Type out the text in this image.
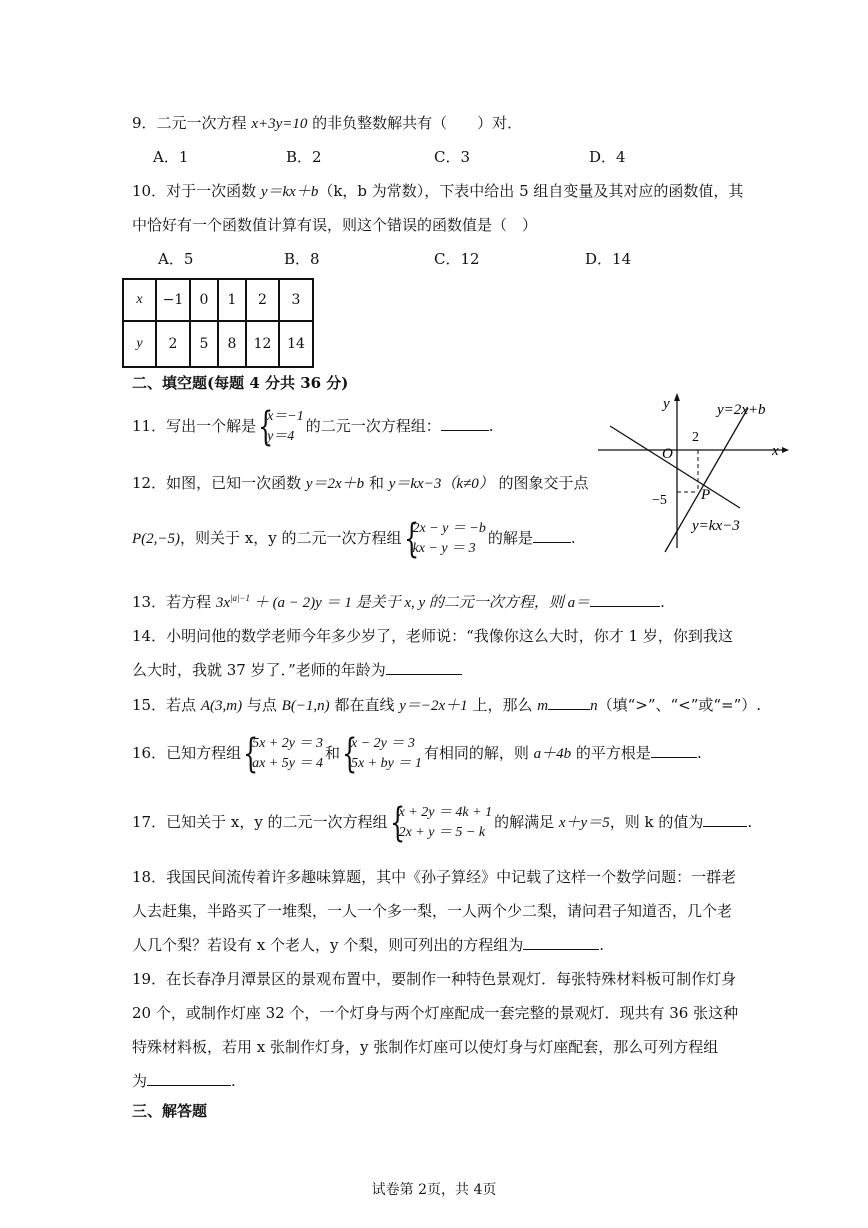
9．二元一次方程 x+3y=10 的非负整数解共有（　　）对．
A．1	B．2	C．3	D．4
10．对于一次函数 y＝kx＋b（k，b 为常数），下表中给出 5 组自变量及其对应的函数值，其
中恰好有一个函数值计算有误，则这个错误的函数值是（　）
A．5	B．8	C．12	D．14
x	−1	0	1	2	3
y	2	5	8	12	14
二、填空题(每题 4 分共 36 分)
11．写出一个解是 {
x＝−1
y＝4
的二元一次方程组：	.
12．如图，已知一次函数 y＝2x＋b 和 y＝kx−3（k≠0） 的图象交于点
P(2,−5)，则关于 x，y 的二元一次方程组 {
2x − y ＝ −b
kx − y ＝ 3
的解是	.
y
x
O
2
−5 P
y=2x+b
y=kx−3
13．若方程 $3x^{|a|-1} + (a - 2)y = 1$ 是关于 x, y 的二元一次方程，则 a＝	.
14．小明问他的数学老师今年多少岁了，老师说：“我像你这么大时，你才 1 岁，你到我这
么大时，我就 37 岁了．”老师的年龄为
15．若点 A(3,m) 与点 B(−1,n) 都在直线 y＝−2x＋1 上，那么 m	n（填“>”、“<”或“=”）.
16．已知方程组 {
5x + 2y ＝ 3
ax + 5y ＝ 4
和 {
x − 2y ＝ 3
5x + by ＝ 1
有相同的解，则 a＋4b 的平方根是	.
17．已知关于 x，y 的二元一次方程组 {
x + 2y ＝ 4k + 1
2x + y ＝ 5 − k
的解满足 x＋y＝5，则 k 的值为	.
18．我国民间流传着许多趣味算题，其中《孙子算经》中记载了这样一个数学问题：一群老
人去赶集，半路买了一堆梨，一人一个多一梨，一人两个少二梨，请问君子知道否，几个老
人几个梨？若设有 x 个老人，y 个梨，则可列出的方程组为	.
19．在长春净月潭景区的景观布置中，要制作一种特色景观灯．每张特殊材料板可制作灯身
20 个，或制作灯座 32 个，一个灯身与两个灯座配成一套完整的景观灯．现共有 36 张这种
特殊材料板，若用 x 张制作灯身，y 张制作灯座可以使灯身与灯座配套，那么可列方程组
为	.
三、解答题
试卷第 2页，共 4页
